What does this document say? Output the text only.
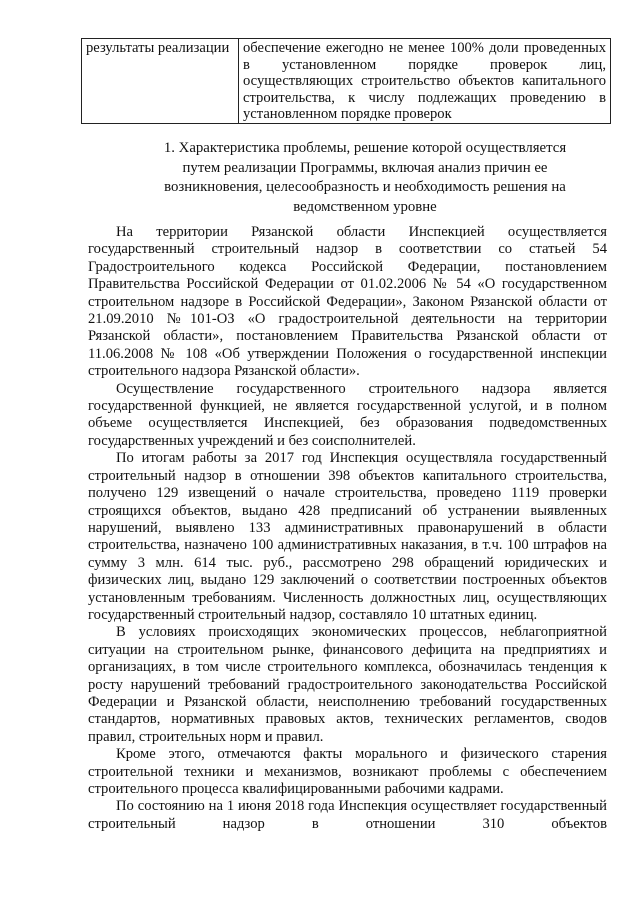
результаты реализации	обеспечение ежегодно не менее 100% доли проведенных в установленном порядке проверок лиц, осуществляющих строительство объектов капитального строительства, к числу подлежащих проведению в установленном порядке проверок
1. Характеристика проблемы, решение которой осуществляется путем реализации Программы, включая анализ причин ее возникновения, целесообразность и необходимость решения на ведомственном уровне

На территории Рязанской области Инспекцией осуществляется государственный строительный надзор в соответствии со статьей 54 Градостроительного кодекса Российской Федерации, постановлением Правительства Российской Федерации от 01.02.2006 № 54 «О государственном строительном надзоре в Российской Федерации», Законом Рязанской области от 21.09.2010 №101-ОЗ «О градостроительной деятельности на территории Рязанской области», постановлением Правительства Рязанской области от 11.06.2008 № 108 «Об утверждении Положения о государственной инспекции строительного надзора Рязанской области».

Осуществление государственного строительного надзора является государственной функцией, не является государственной услугой, и в полном объеме осуществляется Инспекцией, без образования подведомственных государственных учреждений и без соисполнителей.

По итогам работы за 2017 год Инспекция осуществляла государственный строительный надзор в отношении 398 объектов капитального строительства, получено 129 извещений о начале строительства, проведено 1119 проверки строящихся объектов, выдано 428 предписаний об устранении выявленных нарушений, выявлено 133 административных правонарушений в области строительства, назначено 100 административных наказания, в т.ч. 100 штрафов на сумму 3 млн. 614 тыс. руб., рассмотрено 298 обращений юридических и физических лиц, выдано 129 заключений о соответствии построенных объектов установленным требованиям. Численность должностных лиц, осуществляющих государственный строительный надзор, составляло 10 штатных единиц.

В условиях происходящих экономических процессов, неблагоприятной ситуации на строительном рынке, финансового дефицита на предприятиях и организациях, в том числе строительного комплекса, обозначилась тенденция к росту нарушений требований градостроительного законодательства Российской Федерации и Рязанской области, неисполнению требований государственных стандартов, нормативных правовых актов, технических регламентов, сводов правил, строительных норм и правил.

Кроме этого, отмечаются факты морального и физического старения строительной техники и механизмов, возникают проблемы с обеспечением строительного процесса квалифицированными рабочими кадрами.

По состоянию на 1 июня 2018 года Инспекция осуществляет государственный строительный надзор в отношении 310 объектов
